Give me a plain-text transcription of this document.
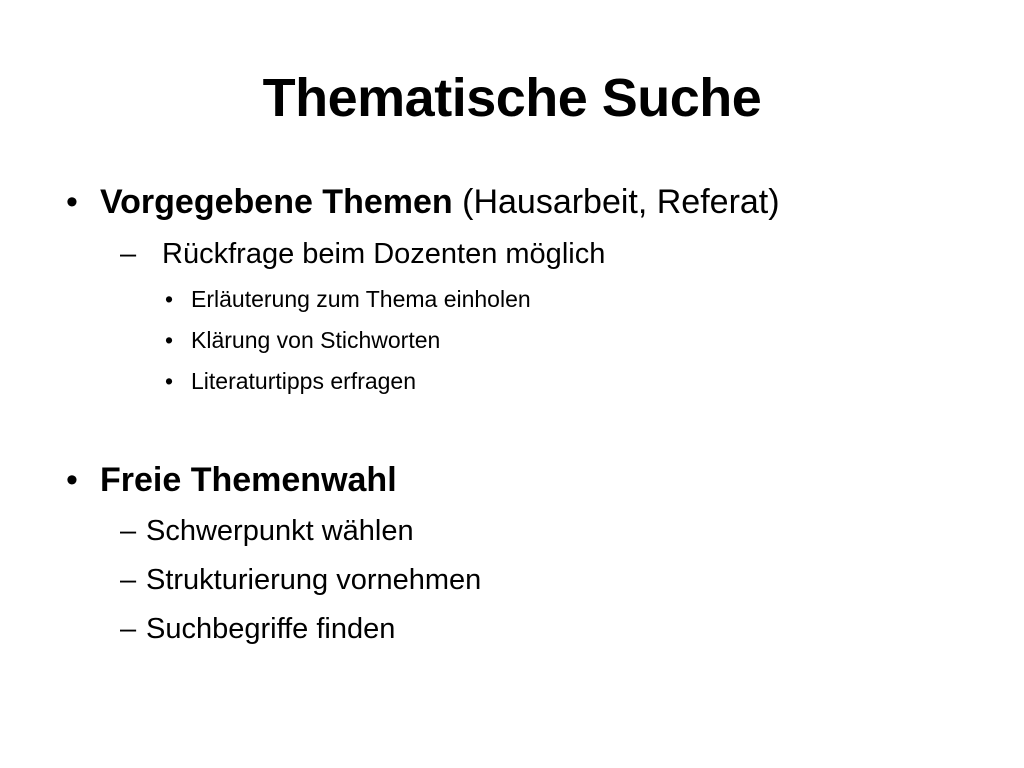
Thematische Suche
• Vorgegebene Themen (Hausarbeit, Referat)
– Rückfrage beim Dozenten möglich
• Erläuterung zum Thema einholen
• Klärung von Stichworten
• Literaturtipps erfragen
• Freie Themenwahl
– Schwerpunkt wählen
– Strukturierung vornehmen
– Suchbegriffe finden
